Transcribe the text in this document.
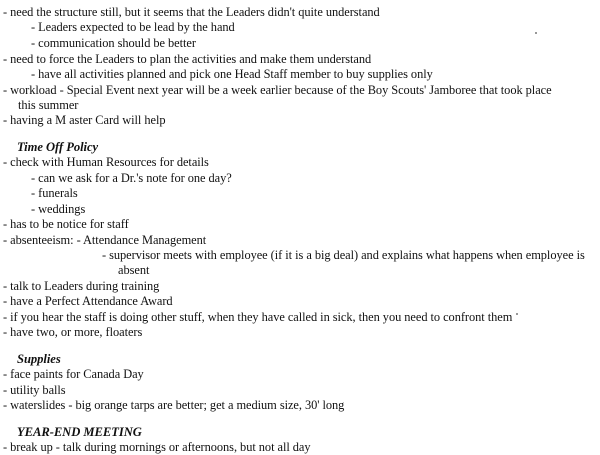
- need the structure still, but it seems that the Leaders didn't quite understand
- Leaders expected to be lead by the hand
- communication should be better
- need to force the Leaders to plan the activities and make them understand
- have all activities planned and pick one Head Staff member to buy supplies only
- workload - Special Event next year will be a week earlier because of the Boy Scouts' Jamboree that took place
this summer
- having a M aster Card will help
Time Off Policy
- check with Human Resources for details
- can we ask for a Dr.'s note for one day?
- funerals
- weddings
- has to be notice for staff
- absenteeism: - Attendance Management
- supervisor meets with employee (if it is a big deal) and explains what happens when employee is
absent
- talk to Leaders during training
- have a Perfect Attendance Award
- if you hear the staff is doing other stuff, when they have called in sick, then you need to confront them
- have two, or more, floaters
Supplies
- face paints for Canada Day
- utility balls
- waterslides - big orange tarps are better; get a medium size, 30' long
YEAR-END MEETING
- break up - talk during mornings or afternoons, but not all day
